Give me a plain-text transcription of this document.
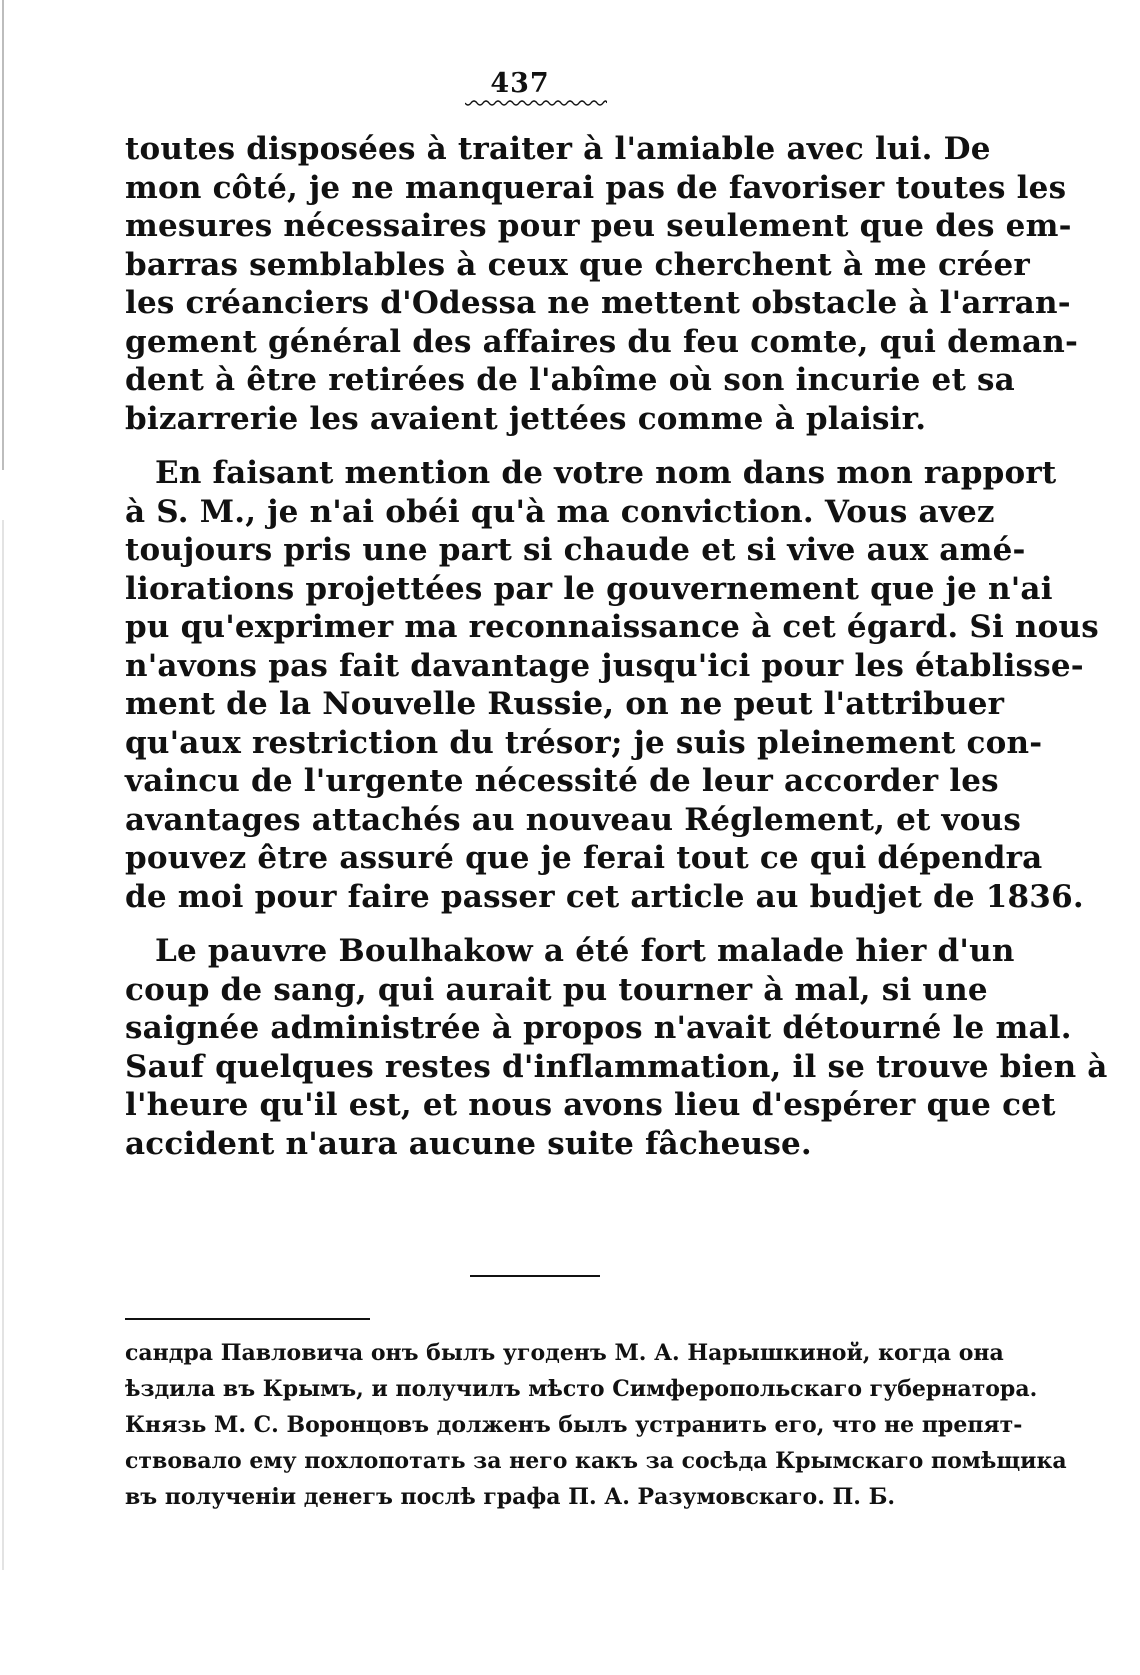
437

toutes disposées à traiter à l'amiable avec lui. De
mon côté, je ne manquerai pas de favoriser toutes les
mesures nécessaires pour peu seulement que des em-
barras semblables à ceux que cherchent à me créer
les créanciers d'Odessa ne mettent obstacle à l'arran-
gement général des affaires du feu comte, qui deman-
dent à être retirées de l'abîme où son incurie et sa
bizarrerie les avaient jettées comme à plaisir.

En faisant mention de votre nom dans mon rapport
à S. M., je n'ai obéi qu'à ma conviction. Vous avez
toujours pris une part si chaude et si vive aux amé-
liorations projettées par le gouvernement que je n'ai
pu qu'exprimer ma reconnaissance à cet égard. Si nous
n'avons pas fait davantage jusqu'ici pour les établisse-
ment de la Nouvelle Russie, on ne peut l'attribuer
qu'aux restriction du trésor; je suis pleinement con-
vaincu de l'urgente nécessité de leur accorder les
avantages attachés au nouveau Réglement, et vous
pouvez être assuré que je ferai tout ce qui dépendra
de moi pour faire passer cet article au budjet de 1836.

Le pauvre Boulhakow a été fort malade hier d'un
coup de sang, qui aurait pu tourner à mal, si une
saignée administrée à propos n'avait détourné le mal.
Sauf quelques restes d'inflammation, il se trouve bien à
l'heure qu'il est, et nous avons lieu d'espérer que cet
accident n'aura aucune suite fâcheuse.

сандра Павловича онъ былъ угоденъ М. А. Нарышкиной, когда она
ѣздила въ Крымъ, и получилъ мѣсто Симферопольскаго губернатора.
Князь М. С. Воронцовъ долженъ былъ устранить его, что не препят-
ствовало ему похлопотать за него какъ за сосѣда Крымскаго помѣщика
въ полученіи денегъ послѣ графа П. А. Разумовскаго. П. Б.
